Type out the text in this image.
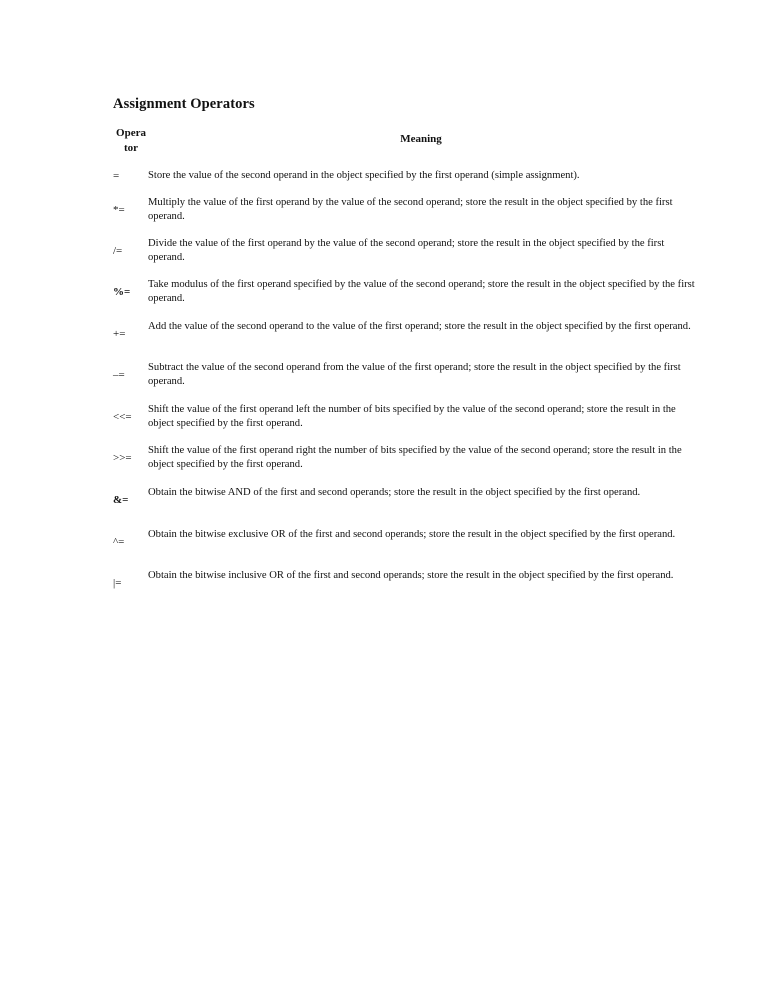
Assignment Operators
Opera
tor
Meaning
=	Store the value of the second operand in the object specified by the first operand (simple assignment).
*=
Multiply the value of the first operand by the value of the second operand; store the result in the object specified by the first operand.
/=
Divide the value of the first operand by the value of the second operand; store the result in the object specified by the first operand.
%=
Take modulus of the first operand specified by the value of the second operand; store the result in the object specified by the first operand.
+=
Add the value of the second operand to the value of the first operand; store the result in the object specified by the first operand.
–=
Subtract the value of the second operand from the value of the first operand; store the result in the object specified by the first operand.
<<=
Shift the value of the first operand left the number of bits specified by the value of the second operand; store the result in the object specified by the first operand.
>>=
Shift the value of the first operand right the number of bits specified by the value of the second operand; store the result in the object specified by the first operand.
&=
Obtain the bitwise AND of the first and second operands; store the result in the object specified by the first operand.
^=
Obtain the bitwise exclusive OR of the first and second operands; store the result in the object specified by the first operand.
|=
Obtain the bitwise inclusive OR of the first and second operands; store the result in the object specified by the first operand.
